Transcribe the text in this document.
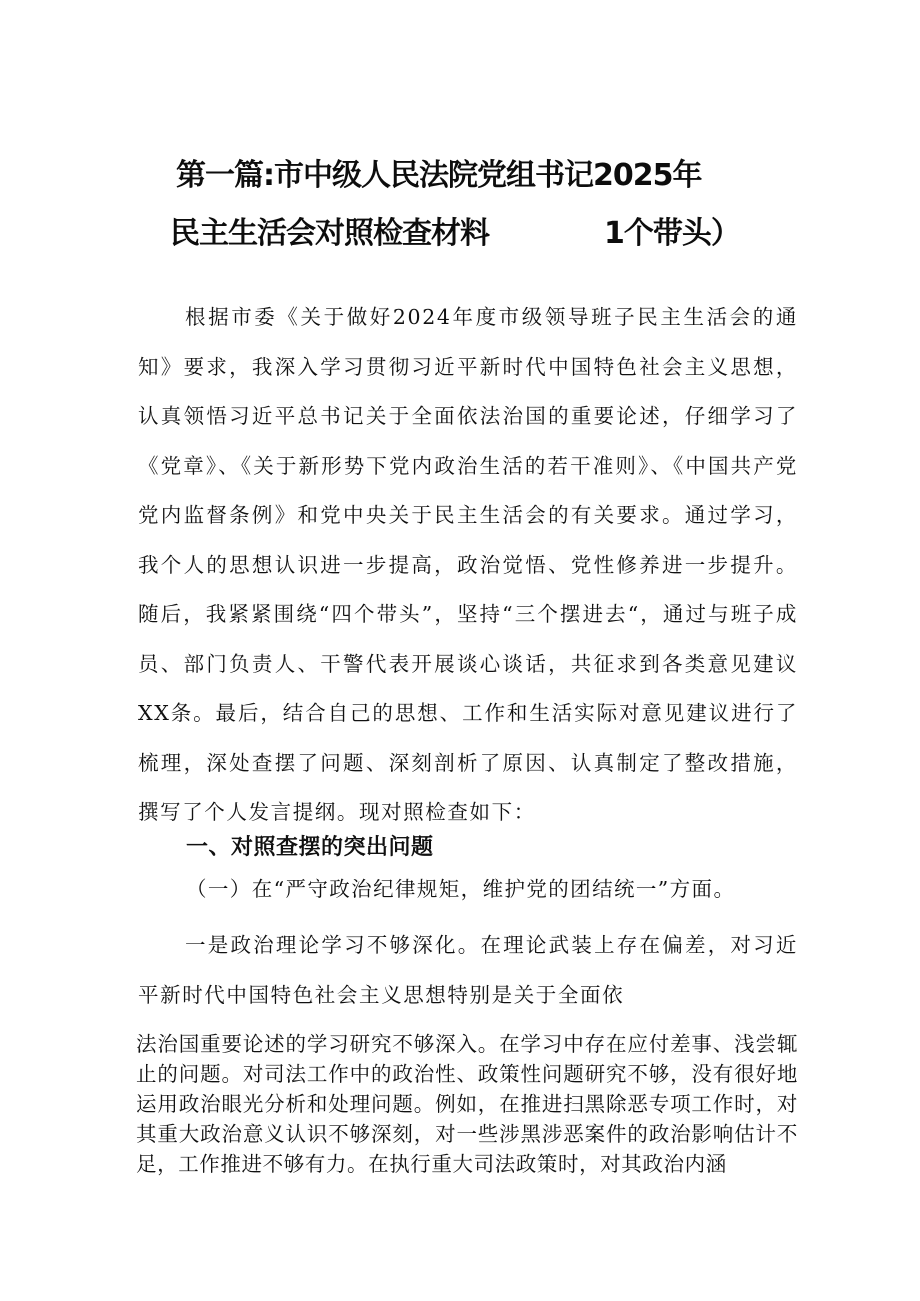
第一篇:市中级人民法院党组书记2025年
民主生活会对照检查材料	1个带头）
根据市委《关于做好2024年度市级领导班子民主生活会的通知》要求，我深入学习贯彻习近平新时代中国特色社会主义思想，认真领悟习近平总书记关于全面依法治国的重要论述，仔细学习了《党章》、《关于新形势下党内政治生活的若干准则》、《中国共产党党内监督条例》和党中央关于民主生活会的有关要求。通过学习，我个人的思想认识进一步提高，政治觉悟、党性修养进一步提升。随后，我紧紧围绕“四个带头”，坚持“三个摆进去“，通过与班子成员、部门负责人、干警代表开展谈心谈话，共征求到各类意见建议XX条。最后，结合自己的思想、工作和生活实际对意见建议进行了梳理，深处查摆了问题、深刻剖析了原因、认真制定了整改措施，撰写了个人发言提纲。现对照检查如下：
一、对照查摆的突出问题
（一）在“严守政治纪律规矩，维护党的团结统一”方面。
一是政治理论学习不够深化。在理论武装上存在偏差，对习近平新时代中国特色社会主义思想特别是关于全面依
法治国重要论述的学习研究不够深入。在学习中存在应付差事、浅尝辄止的问题。对司法工作中的政治性、政策性问题研究不够，没有很好地运用政治眼光分析和处理问题。例如，在推进扫黑除恶专项工作时，对其重大政治意义认识不够深刻，对一些涉黑涉恶案件的政治影响估计不足，工作推进不够有力。在执行重大司法政策时，对其政治内涵
